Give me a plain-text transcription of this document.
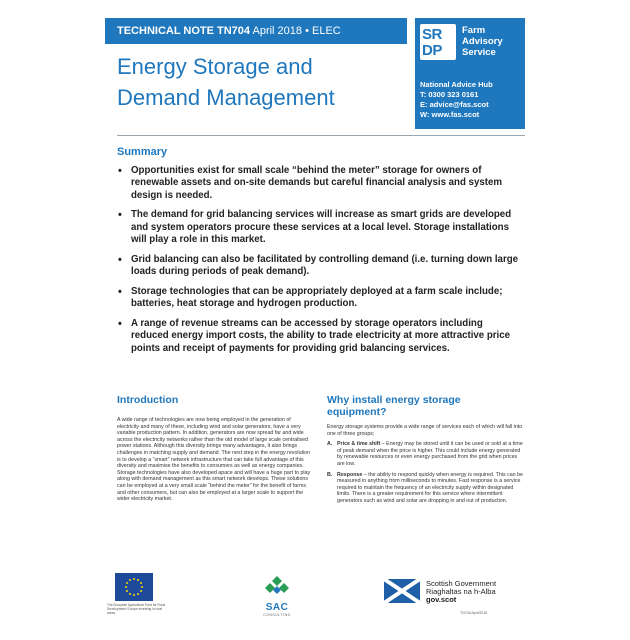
TECHNICAL NOTE TN704 April 2018 • ELEC
Energy Storage and
Demand Management
SR
DP
Farm
Advisory
Service
National Advice Hub
T: 0300 323 0161
E: advice@fas.scot
W: www.fas.scot
Summary
• Opportunities exist for small scale “behind the meter” storage for owners of renewable assets and on-site demands but careful financial analysis and system design is needed.
• The demand for grid balancing services will increase as smart grids are developed and system operators procure these services at a local level. Storage installations will play a role in this market.
• Grid balancing can also be facilitated by controlling demand (i.e. turning down large loads during periods of peak demand).
• Storage technologies that can be appropriately deployed at a farm scale include; batteries, heat storage and hydrogen production.
• A range of revenue streams can be accessed by storage operators including reduced energy import costs, the ability to trade electricity at more attractive price points and receipt of payments for providing grid balancing services.
Introduction

A wide range of technologies are now being employed in the generation of electricity and many of these, including wind and solar generators, have a very variable production pattern. In addition, generators are now spread far and wide across the electricity networks rather than the old model of large scale centralised power stations. Although this diversity brings many advantages, it also brings challenges in matching supply and demand. The next step in the energy revolution is to develop a “smart” network infrastructure that can take full advantage of this diversity and maximise the benefits to consumers as well as energy companies. Storage technologies have also developed apace and will have a huge part to play along with demand management as this smart network develops. These solutions can be employed at a very small scale “behind the meter” for the benefit of farms and other consumers, but can also be employed at a larger scale to support the wider electricity market.

Why install energy storage equipment?

Energy storage systems provide a wide range of services each of which will fall into one of three groups;

A. Price & time shift – Energy may be stored until it can be used or sold at a time of peak demand when the price is higher. This could include energy generated by renewable resources or even energy purchased from the grid when prices are low.
B. Response – the ability to respond quickly when energy is required. This can be measured in anything from milliseconds to minutes. Fast response is a service required to maintain the frequency of an electricity supply within designated limits. There is a greater requirement for this service where intermittent generators such as wind and solar are dropping in and out of production.
The European Agricultural Fund for Rural Development: Europe investing in rural areas	SAC
CONSULTING
Scottish Government
Riaghaltas na h-Alba
gov.scot
TN704/April/2018
